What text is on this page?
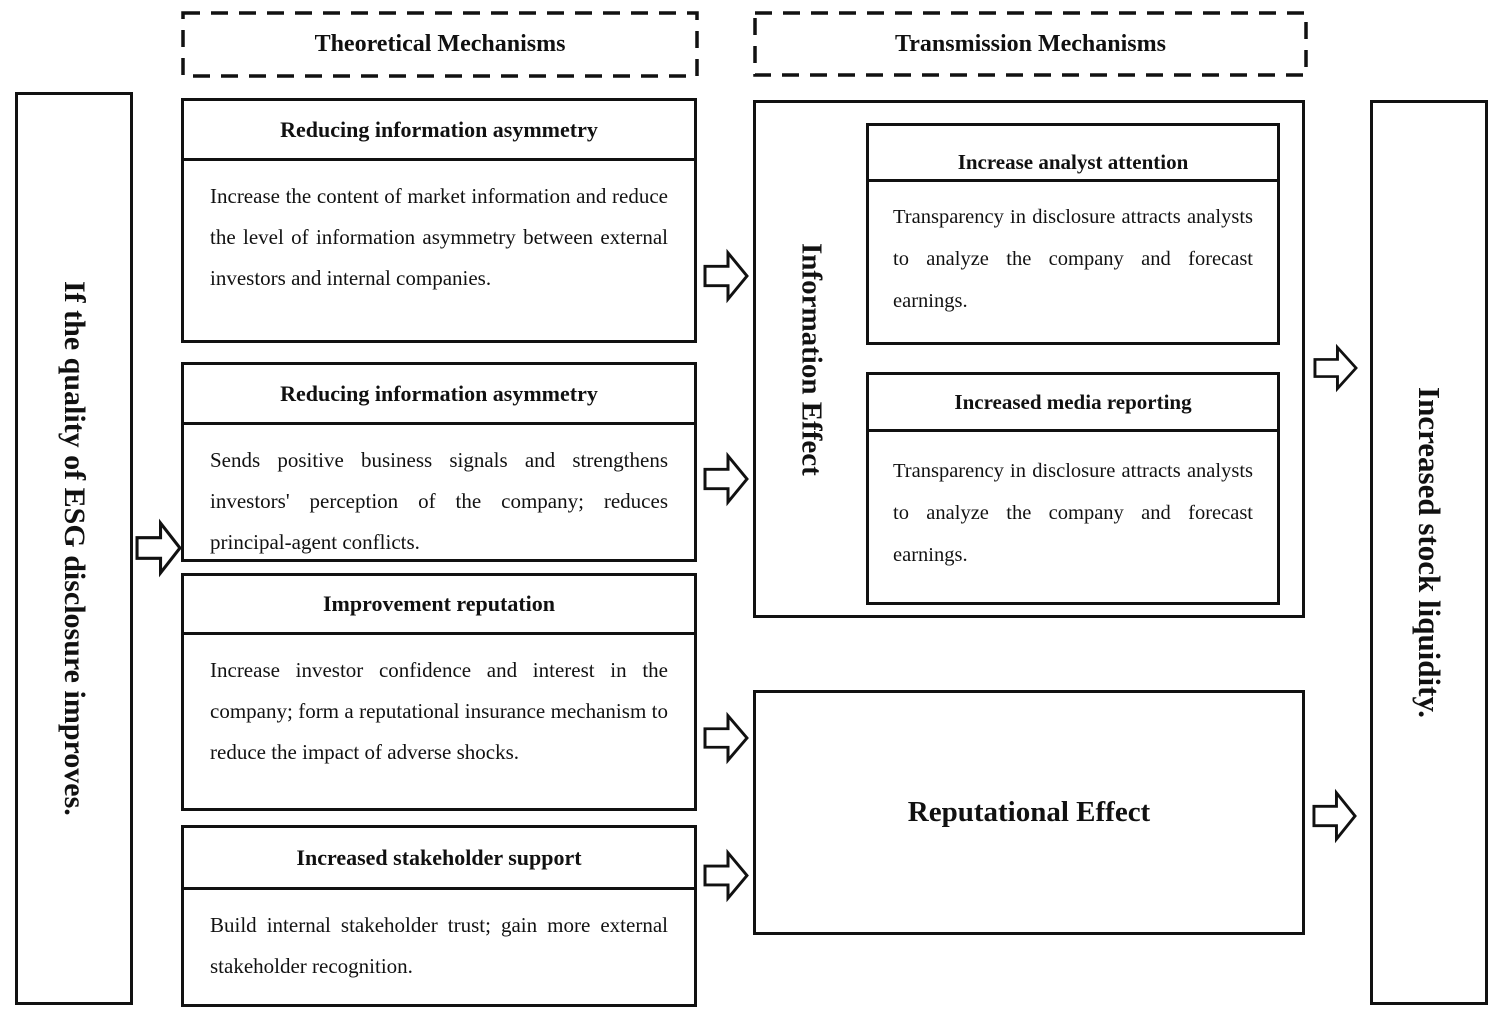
Theoretical Mechanisms	Transmission Mechanisms
If the quality of ESG disclosure improves.
Reducing information asymmetry
Increase the content of market information and reduce the level of information asymmetry between external investors and internal companies.
Reducing information asymmetry
Sends positive business signals and strengthens investors' perception of the company; reduces principal-agent conflicts.
Improvement reputation
Increase investor confidence and interest in the company; form a reputational insurance mechanism to reduce the impact of adverse shocks.
Increased stakeholder support
Build internal stakeholder trust; gain more external stakeholder recognition.
Information Effect
Increase analyst attention
Transparency in disclosure attracts analysts to analyze the company and forecast earnings.
Increased media reporting
Transparency in disclosure attracts analysts to analyze the company and forecast earnings.
Reputational Effect
Increased stock liquidity.
